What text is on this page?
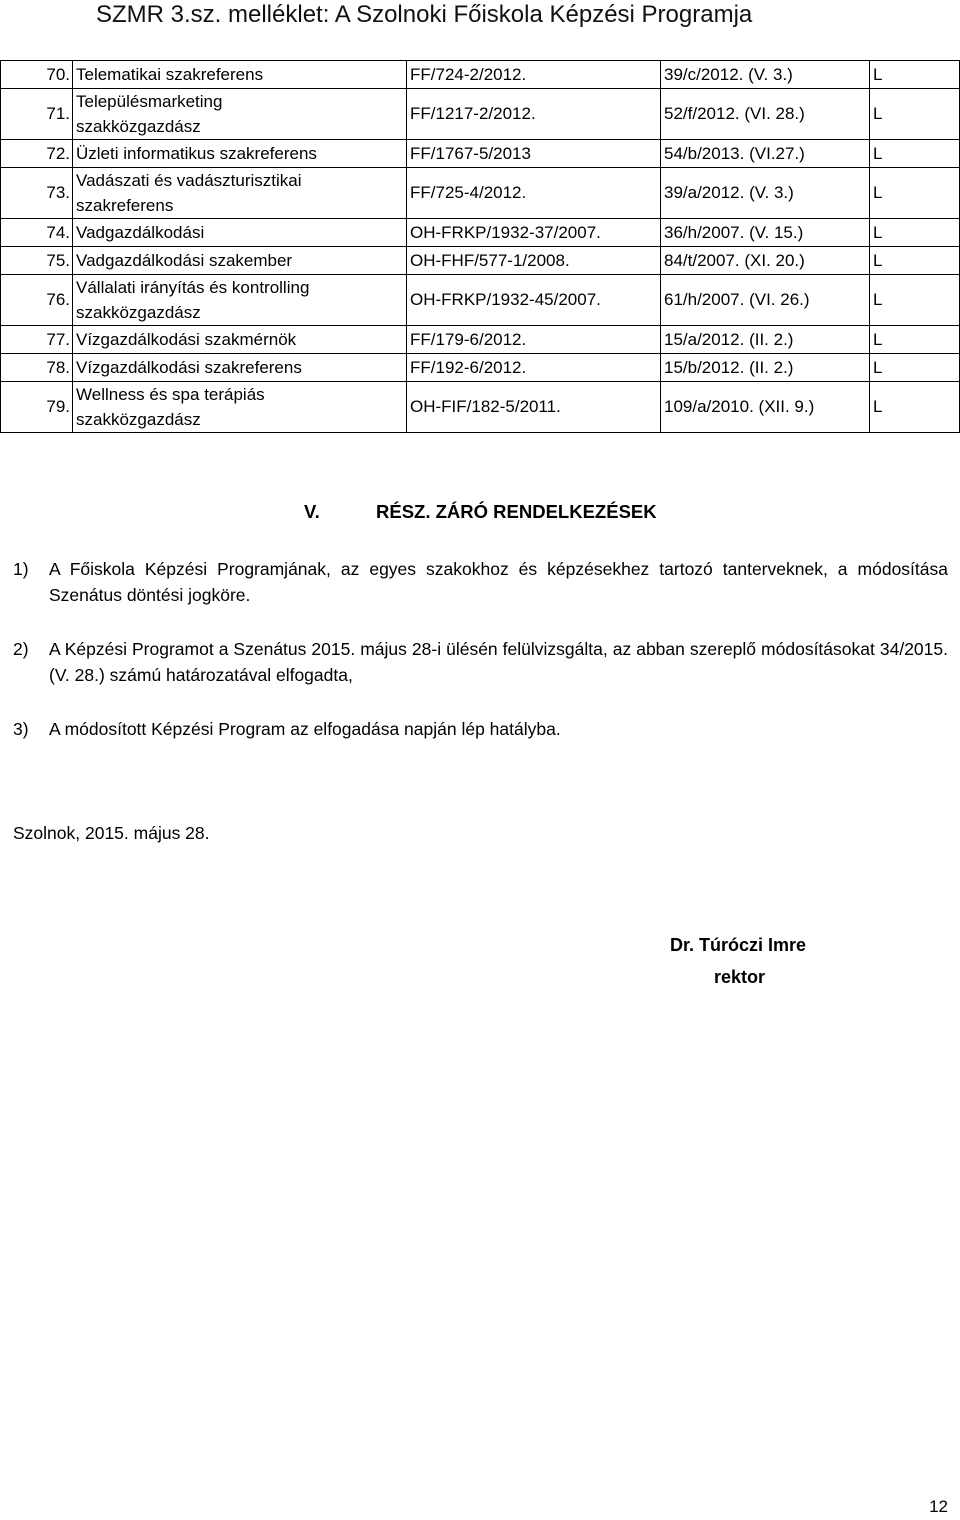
SZMR 3.sz. melléklet: A Szolnoki Főiskola Képzési Programja
70.	Telematikai szakreferens	FF/724-2/2012.	39/c/2012. (V. 3.)	L
71.	Településmarketing szakközgazdász	FF/1217-2/2012.	52/f/2012. (VI. 28.)	L
72.	Üzleti informatikus szakreferens	FF/1767-5/2013	54/b/2013. (VI.27.)	L
73.	Vadászati és vadászturisztikai szakreferens	FF/725-4/2012.	39/a/2012. (V. 3.)	L
74.	Vadgazdálkodási	OH-FRKP/1932-37/2007.	36/h/2007. (V. 15.)	L
75.	Vadgazdálkodási szakember	OH-FHF/577-1/2008.	84/t/2007. (XI. 20.)	L
76.	Vállalati irányítás és kontrolling szakközgazdász	OH-FRKP/1932-45/2007.	61/h/2007. (VI. 26.)	L
77.	Vízgazdálkodási szakmérnök	FF/179-6/2012.	15/a/2012. (II. 2.)	L
78.	Vízgazdálkodási szakreferens	FF/192-6/2012.	15/b/2012. (II. 2.)	L
79.	Wellness és spa terápiás szakközgazdász	OH-FIF/182-5/2011.	109/a/2010. (XII. 9.)	L
V.	RÉSZ. ZÁRÓ RENDELKEZÉSEK
1) A Főiskola Képzési Programjának, az egyes szakokhoz és képzésekhez tartozó tanterveknek, a módosítása Szenátus döntési jogköre.
2) A Képzési Programot a Szenátus 2015. május 28-i ülésén felülvizsgálta, az abban szereplő módosításokat 34/2015. (V. 28.) számú határozatával elfogadta,
3) A módosított Képzési Program az elfogadása napján lép hatályba.
Szolnok, 2015. május 28.
Dr. Túróczi Imre
rektor
12
